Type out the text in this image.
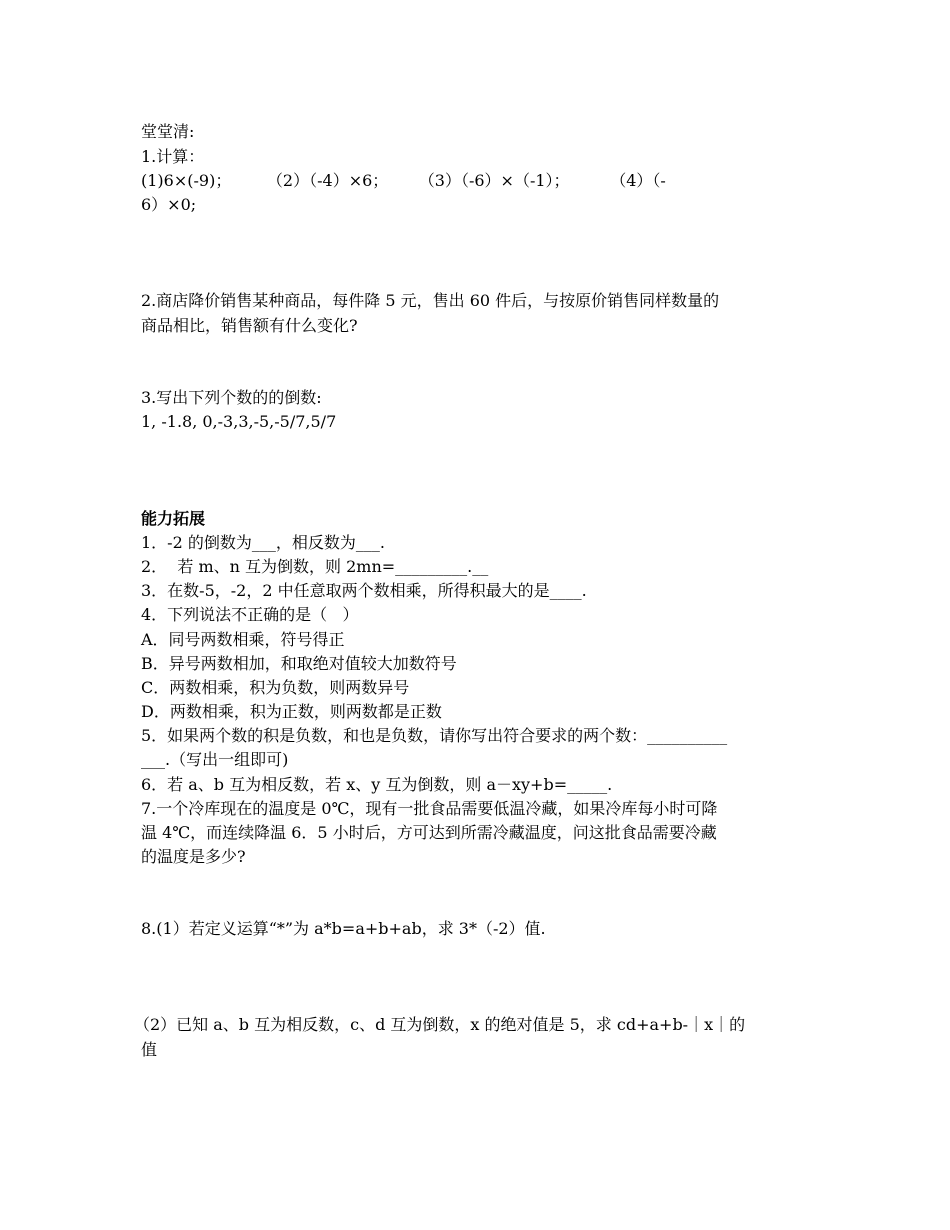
堂堂清:
1.计算：
(1)6×(-9)；       （2）（-4）×6；      （3）（-6）×（-1）；        （4）（-
6）×0;
2.商店降价销售某种商品，每件降 5 元，售出 60 件后，与按原价销售同样数量的
商品相比，销售额有什么变化?
3.写出下列个数的的倒数:
1, -1.8, 0,-3,3,-5,-5/7,5/7
能力拓展
1．-2 的倒数为___，相反数为___.
2．  若 m、n 互为倒数，则 2mn=_________.__
3．在数-5，-2，2 中任意取两个数相乘，所得积最大的是____.
4．下列说法不正确的是（   ）
A．同号两数相乘，符号得正
B．异号两数相加，和取绝对值较大加数符号
C．两数相乘，积为负数，则两数异号
D．两数相乘，积为正数，则两数都是正数
5．如果两个数的积是负数，和也是负数，请你写出符合要求的两个数：__________
___.（写出一组即可)
6．若 a、b 互为相反数，若 x、y 互为倒数，则 a－xy+b=_____.
7.一个冷库现在的温度是 0℃，现有一批食品需要低温冷藏，如果冷库每小时可降
温 4℃，而连续降温 6．5 小时后，方可达到所需冷藏温度，问这批食品需要冷藏
的温度是多少?
8.(1）若定义运算“*”为 a*b=a+b+ab，求 3*（-2）值.
（2）已知 a、b 互为相反数，c、d 互为倒数，x 的绝对值是 5，求 cd+a+b-｜x｜的
值
